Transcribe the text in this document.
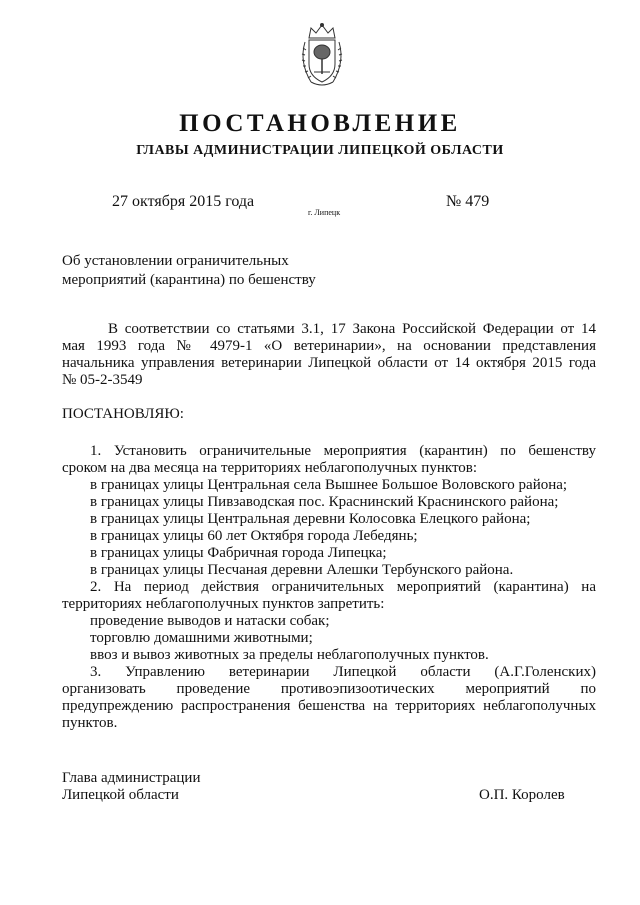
ПОСТАНОВЛЕНИЕ
ГЛАВЫ АДМИНИСТРАЦИИ ЛИПЕЦКОЙ ОБЛАСТИ
27 октября 2015 года
г. Липецк
№ 479
Об установлении ограничительных
мероприятий (карантина) по бешенству
В соответствии со статьями 3.1, 17 Закона Российской Федерации от 14
мая 1993 года № 4979-1 «О ветеринарии», на основании представления
начальника управления ветеринарии Липецкой области от 14 октября 2015 года
№ 05-2-3549
ПОСТАНОВЛЯЮ:
1. Установить ограничительные мероприятия (карантин) по бешенству
сроком на два месяца на территориях неблагополучных пунктов:
в границах улицы Центральная села Вышнее Большое Воловского района;
в границах улицы Пивзаводская пос. Краснинский Краснинского района;
в границах улицы Центральная деревни Колосовка Елецкого района;
в границах улицы 60 лет Октября города Лебедянь;
в границах улицы Фабричная города Липецка;
в границах улицы Песчаная деревни Алешки Тербунского района.
2. На период действия ограничительных мероприятий (карантина) на
территориях неблагополучных пунктов запретить:
проведение выводов и натаски собак;
торговлю домашними животными;
ввоз и вывоз животных за пределы неблагополучных пунктов.
3. Управлению ветеринарии Липецкой области (А.Г.Голенских)
организовать проведение противоэпизоотических мероприятий по
предупреждению распространения бешенства на территориях неблагополучных
пунктов.
Глава администрации
Липецкой области	О.П. Королев
